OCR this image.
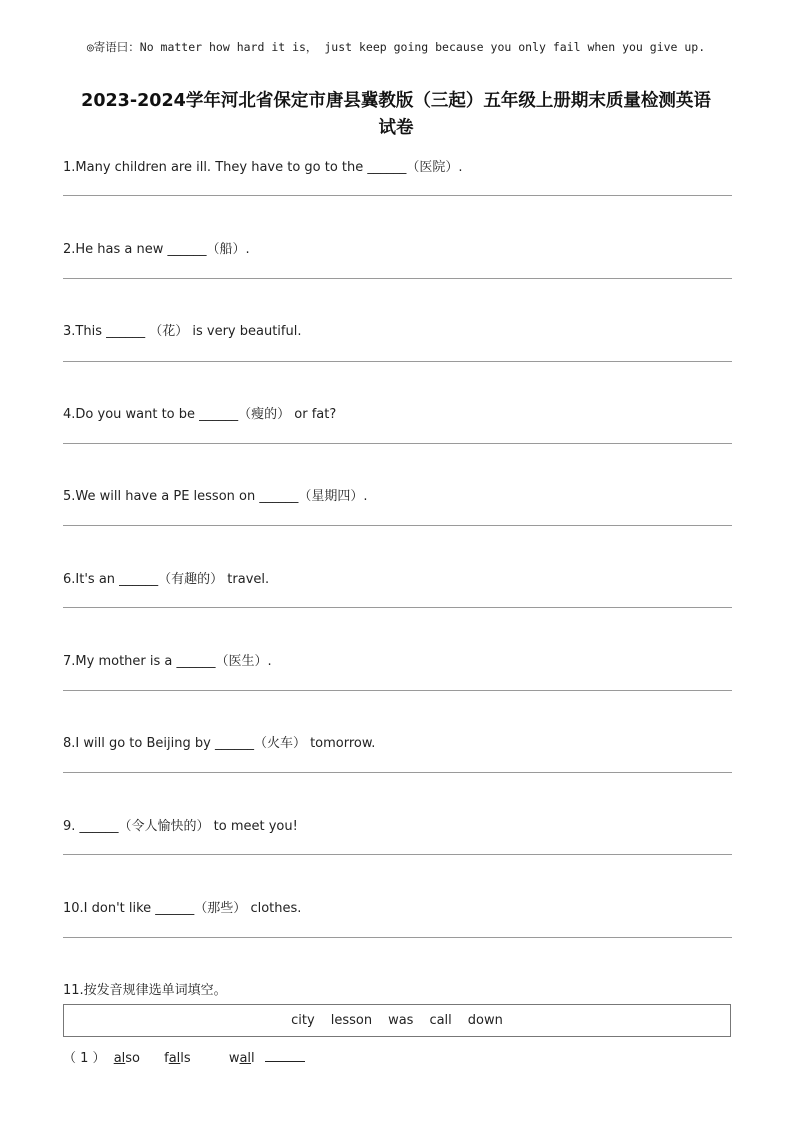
◎寄语曰：No matter how hard it is， just keep going because you only fail when you give up.
2023-2024学年河北省保定市唐县冀教版（三起）五年级上册期末质量检测英语
试卷
1.Many children are ill. They have to go to the ______（医院）.
2.He has a new ______（船）.
3.This ______ （花） is very beautiful.
4.Do you want to be ______（瘦的） or fat?
5.We will have a PE lesson on ______（星期四）.
6.It's an ______（有趣的） travel.
7.My mother is a ______（医生）.
8.I will go to Beijing by ______（火车） tomorrow.
9. ______（令人愉快的） to meet you!
10.I don't like ______（那些） clothes.
11.按发音规律选单词填空。
city lesson was call down
（ 1 ） also falls	wall
